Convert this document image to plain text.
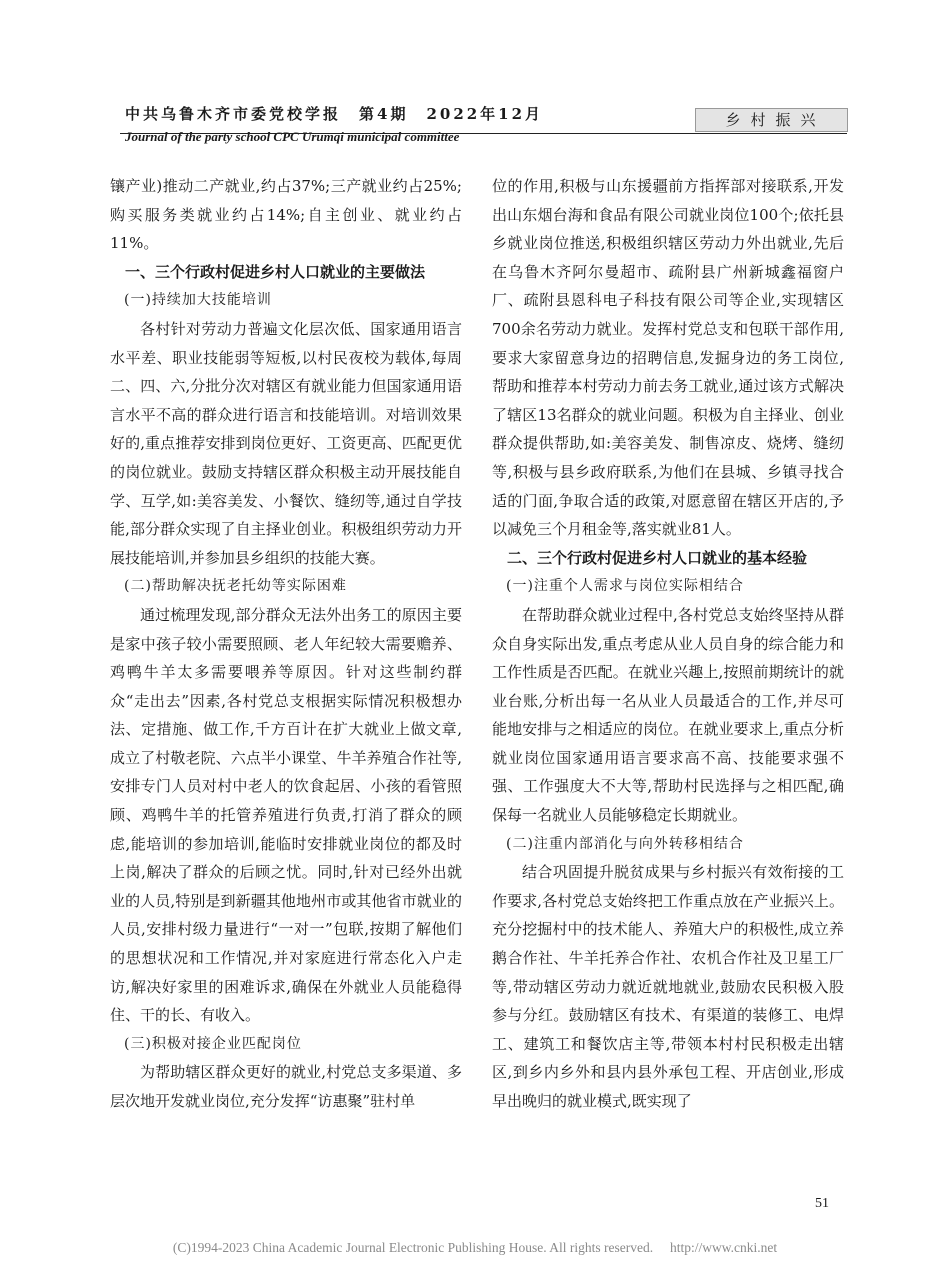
中共乌鲁木齐市委党校学报　第4期　2022年12月
Journal of the party school CPC Urumqi municipal committee
乡村振兴

镶产业)推动二产就业,约占37%;三产就业约占25%;购买服务类就业约占14%;自主创业、就业约占11%。

一、三个行政村促进乡村人口就业的主要做法
(一)持续加大技能培训

各村针对劳动力普遍文化层次低、国家通用语言水平差、职业技能弱等短板,以村民夜校为载体,每周二、四、六,分批分次对辖区有就业能力但国家通用语言水平不高的群众进行语言和技能培训。对培训效果好的,重点推荐安排到岗位更好、工资更高、匹配更优的岗位就业。鼓励支持辖区群众积极主动开展技能自学、互学,如:美容美发、小餐饮、缝纫等,通过自学技能,部分群众实现了自主择业创业。积极组织劳动力开展技能培训,并参加县乡组织的技能大赛。

(二)帮助解决抚老托幼等实际困难

通过梳理发现,部分群众无法外出务工的原因主要是家中孩子较小需要照顾、老人年纪较大需要赡养、鸡鸭牛羊太多需要喂养等原因。针对这些制约群众“走出去”因素,各村党总支根据实际情况积极想办法、定措施、做工作,千方百计在扩大就业上做文章,成立了村敬老院、六点半小课堂、牛羊养殖合作社等,安排专门人员对村中老人的饮食起居、小孩的看管照顾、鸡鸭牛羊的托管养殖进行负责,打消了群众的顾虑,能培训的参加培训,能临时安排就业岗位的都及时上岗,解决了群众的后顾之忧。同时,针对已经外出就业的人员,特别是到新疆其他地州市或其他省市就业的人员,安排村级力量进行“一对一”包联,按期了解他们的思想状况和工作情况,并对家庭进行常态化入户走访,解决好家里的困难诉求,确保在外就业人员能稳得住、干的长、有收入。

(三)积极对接企业匹配岗位

为帮助辖区群众更好的就业,村党总支多渠道、多层次地开发就业岗位,充分发挥“访惠聚”驻村单

位的作用,积极与山东援疆前方指挥部对接联系,开发出山东烟台海和食品有限公司就业岗位100个;依托县乡就业岗位推送,积极组织辖区劳动力外出就业,先后在乌鲁木齐阿尔曼超市、疏附县广州新城鑫福窗户厂、疏附县恩科电子科技有限公司等企业,实现辖区700余名劳动力就业。发挥村党总支和包联干部作用,要求大家留意身边的招聘信息,发掘身边的务工岗位,帮助和推荐本村劳动力前去务工就业,通过该方式解决了辖区13名群众的就业问题。积极为自主择业、创业群众提供帮助,如:美容美发、制售凉皮、烧烤、缝纫等,积极与县乡政府联系,为他们在县城、乡镇寻找合适的门面,争取合适的政策,对愿意留在辖区开店的,予以减免三个月租金等,落实就业81人。

二、三个行政村促进乡村人口就业的基本经验
(一)注重个人需求与岗位实际相结合

在帮助群众就业过程中,各村党总支始终坚持从群众自身实际出发,重点考虑从业人员自身的综合能力和工作性质是否匹配。在就业兴趣上,按照前期统计的就业台账,分析出每一名从业人员最适合的工作,并尽可能地安排与之相适应的岗位。在就业要求上,重点分析就业岗位国家通用语言要求高不高、技能要求强不强、工作强度大不大等,帮助村民选择与之相匹配,确保每一名就业人员能够稳定长期就业。

(二)注重内部消化与向外转移相结合

结合巩固提升脱贫成果与乡村振兴有效衔接的工作要求,各村党总支始终把工作重点放在产业振兴上。充分挖掘村中的技术能人、养殖大户的积极性,成立养鹅合作社、牛羊托养合作社、农机合作社及卫星工厂等,带动辖区劳动力就近就地就业,鼓励农民积极入股参与分红。鼓励辖区有技术、有渠道的装修工、电焊工、建筑工和餐饮店主等,带领本村村民积极走出辖区,到乡内乡外和县内县外承包工程、开店创业,形成早出晚归的就业模式,既实现了

51
(C)1994-2023 China Academic Journal Electronic Publishing House. All rights reserved.　 http://www.cnki.net
